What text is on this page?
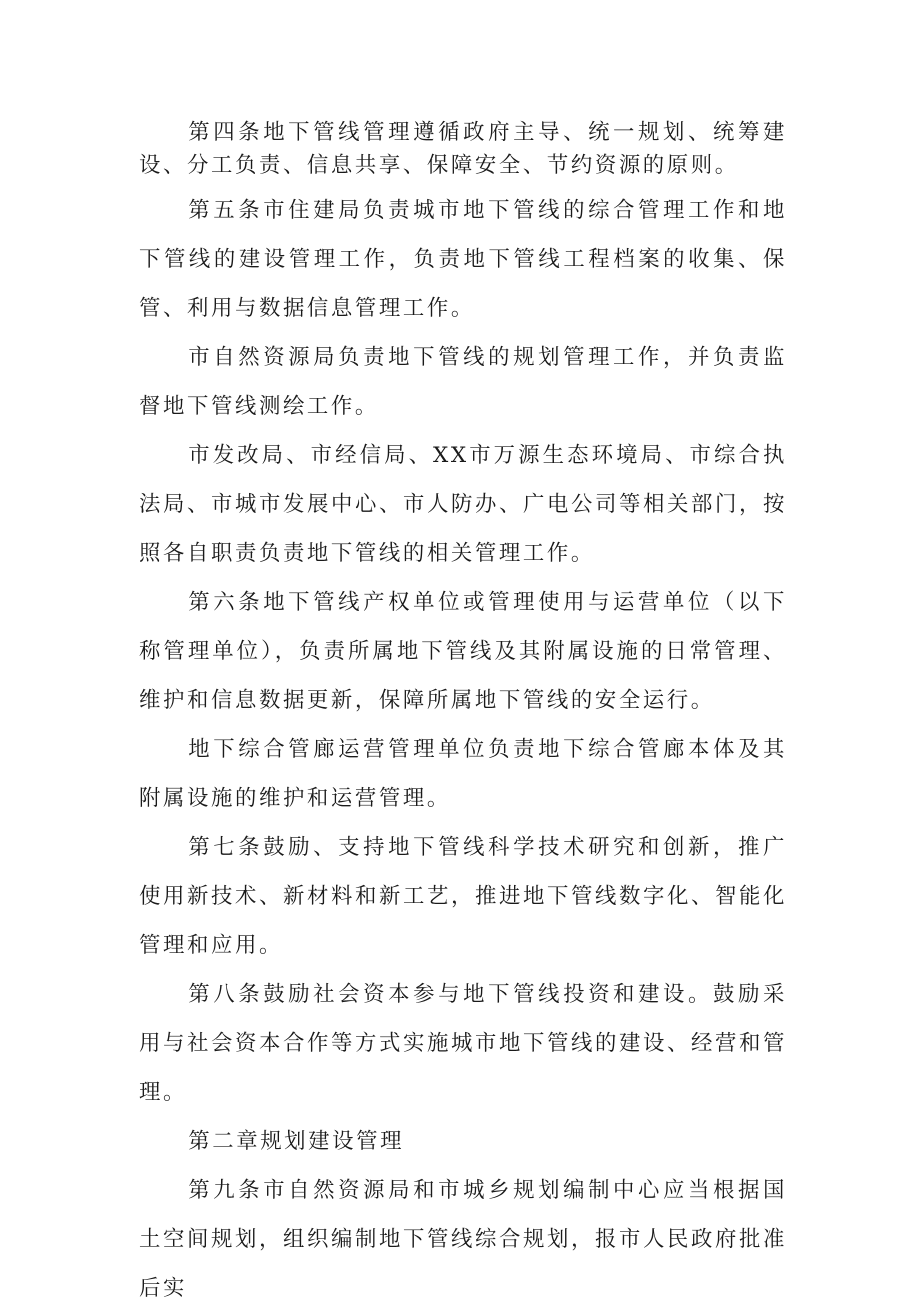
第四条地下管线管理遵循政府主导、统一规划、统筹建设、分工负责、信息共享、保障安全、节约资源的原则。

第五条市住建局负责城市地下管线的综合管理工作和地下管线的建设管理工作，负责地下管线工程档案的收集、保管、利用与数据信息管理工作。

市自然资源局负责地下管线的规划管理工作，并负责监督地下管线测绘工作。

市发改局、市经信局、XX市万源生态环境局、市综合执法局、市城市发展中心、市人防办、广电公司等相关部门，按照各自职责负责地下管线的相关管理工作。

第六条地下管线产权单位或管理使用与运营单位（以下称管理单位），负责所属地下管线及其附属设施的日常管理、维护和信息数据更新，保障所属地下管线的安全运行。

地下综合管廊运营管理单位负责地下综合管廊本体及其附属设施的维护和运营管理。

第七条鼓励、支持地下管线科学技术研究和创新，推广使用新技术、新材料和新工艺，推进地下管线数字化、智能化管理和应用。

第八条鼓励社会资本参与地下管线投资和建设。鼓励采用与社会资本合作等方式实施城市地下管线的建设、经营和管理。

第二章规划建设管理

第九条市自然资源局和市城乡规划编制中心应当根据国土空间规划，组织编制地下管线综合规划，报市人民政府批准后实
